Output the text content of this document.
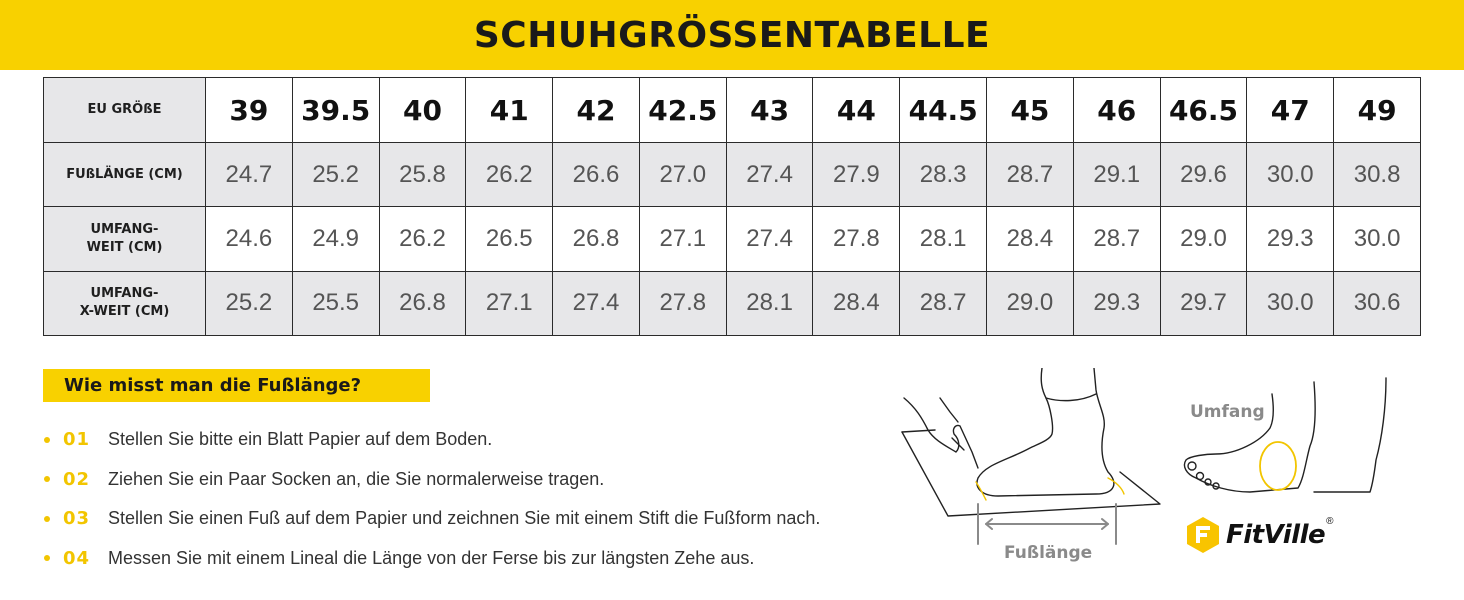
SCHUHGRÖSSENTABELLE
EU GRÖßE	39	39.5	40	41	42	42.5	43	44	44.5	45	46	46.5	47	49

FUßLÄNGE (CM)	24.7	25.2	25.8	26.2	26.6	27.0	27.4	27.9	28.3	28.7	29.1	29.6	30.0	30.8

UMFANG-
WEIT (CM)	24.6	24.9	26.2	26.5	26.8	27.1	27.4	27.8	28.1	28.4	28.7	29.0	29.3	30.0

UMFANG-
X-WEIT (CM)	25.2	25.5	26.8	27.1	27.4	27.8	28.1	28.4	28.7	29.0	29.3	29.7	30.0	30.6
Wie misst man die Fußlänge?
01 Stellen Sie bitte ein Blatt Papier auf dem Boden.
02 Ziehen Sie ein Paar Socken an, die Sie normalerweise tragen.
03 Stellen Sie einen Fuß auf dem Papier und zeichnen Sie mit einem Stift die Fußform nach.
04 Messen Sie mit einem Lineal die Länge von der Ferse bis zur längsten Zehe aus.
Umfang
Fußlänge
FitVille ®
